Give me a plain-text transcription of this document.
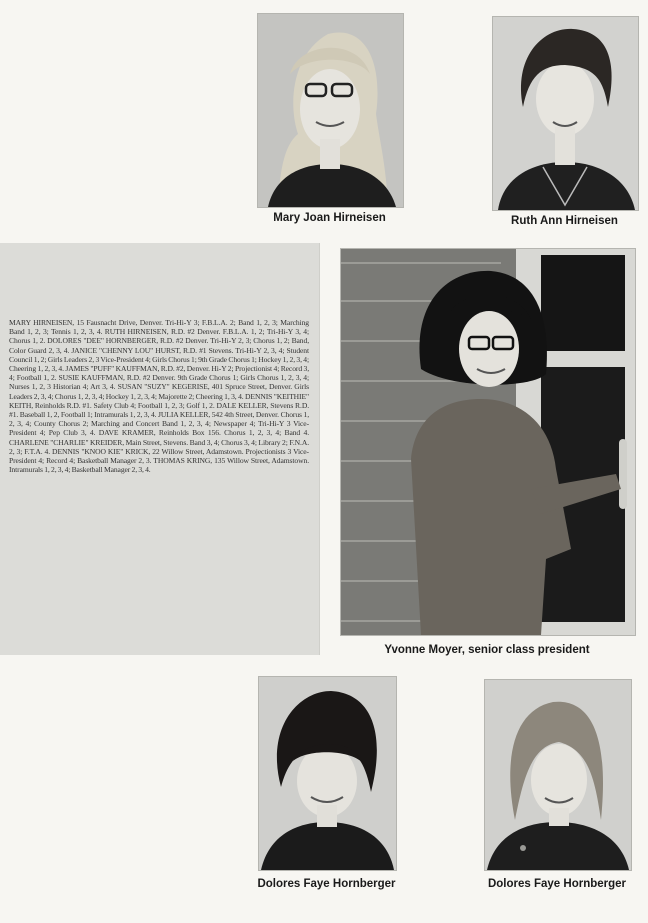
Mary Joan Hirneisen	Ruth Ann Hirneisen
MARY HIRNEISEN, 15 Fausnacht Drive, Denver. Tri-Hi-Y 3; F.B.L.A. 2; Band 1, 2, 3; Marching Band 1, 2, 3; Tennis 1, 2, 3, 4. RUTH HIRNEISEN, R.D. #2 Denver. F.B.L.A. 1, 2; Tri-Hi-Y 3, 4; Chorus 1, 2. DOLORES "DEE" HORNBERGER, R.D. #2 Denver. Tri-Hi-Y 2, 3; Chorus 1, 2; Band, Color Guard 2, 3, 4. JANICE "CHENNY LOU" HURST, R.D. #1 Stevens. Tri-Hi-Y 2, 3, 4; Student Council 1, 2; Girls Leaders 2, 3 Vice-President 4; Girls Chorus 1; 9th Grade Chorus 1; Hockey 1, 2, 3, 4; Cheering 1, 2, 3, 4. JAMES "PUFF" KAUFFMAN, R.D. #2, Denver. Hi-Y 2; Projectionist 4; Record 3, 4; Football 1, 2. SUSIE KAUFFMAN, R.D. #2 Denver. 9th Grade Chorus 1; Girls Chorus 1, 2, 3, 4; Nurses 1, 2, 3 Historian 4; Art 3, 4. SUSAN "SUZY" KEGERISE, 401 Spruce Street, Denver. Girls Leaders 2, 3, 4; Chorus 1, 2, 3, 4; Hockey 1, 2, 3, 4; Majorette 2; Cheering 1, 3, 4. DENNIS "KEITHIE" KEITH, Reinholds R.D. #1. Safety Club 4; Football 1, 2, 3; Golf 1, 2. DALE KELLER, Stevens R.D. #1. Baseball 1, 2, Football 1; Intramurals 1, 2, 3, 4. JULIA KELLER, 542 4th Street, Denver. Chorus 1, 2, 3, 4; County Chorus 2; Marching and Concert Band 1, 2, 3, 4; Newspaper 4; Tri-Hi-Y 3 Vice-President 4; Pep Club 3, 4. DAVE KRAMER, Reinholds Box 156. Chorus 1, 2, 3, 4; Band 4. CHARLENE "CHARLIE" KREIDER, Main Street, Stevens. Band 3, 4; Chorus 3, 4; Library 2; F.N.A. 2, 3; F.T.A. 4. DENNIS "KNOO KIE" KRICK, 22 Willow Street, Adamstown. Projectionists 3 Vice-President 4; Record 4; Basketball Manager 2, 3. THOMAS KRING, 135 Willow Street, Adamstown. Intramurals 1, 2, 3, 4; Basketball Manager 2, 3, 4.
Yvonne Moyer, senior class president
Dolores Faye Hornberger	Dolores Faye Hornberger
